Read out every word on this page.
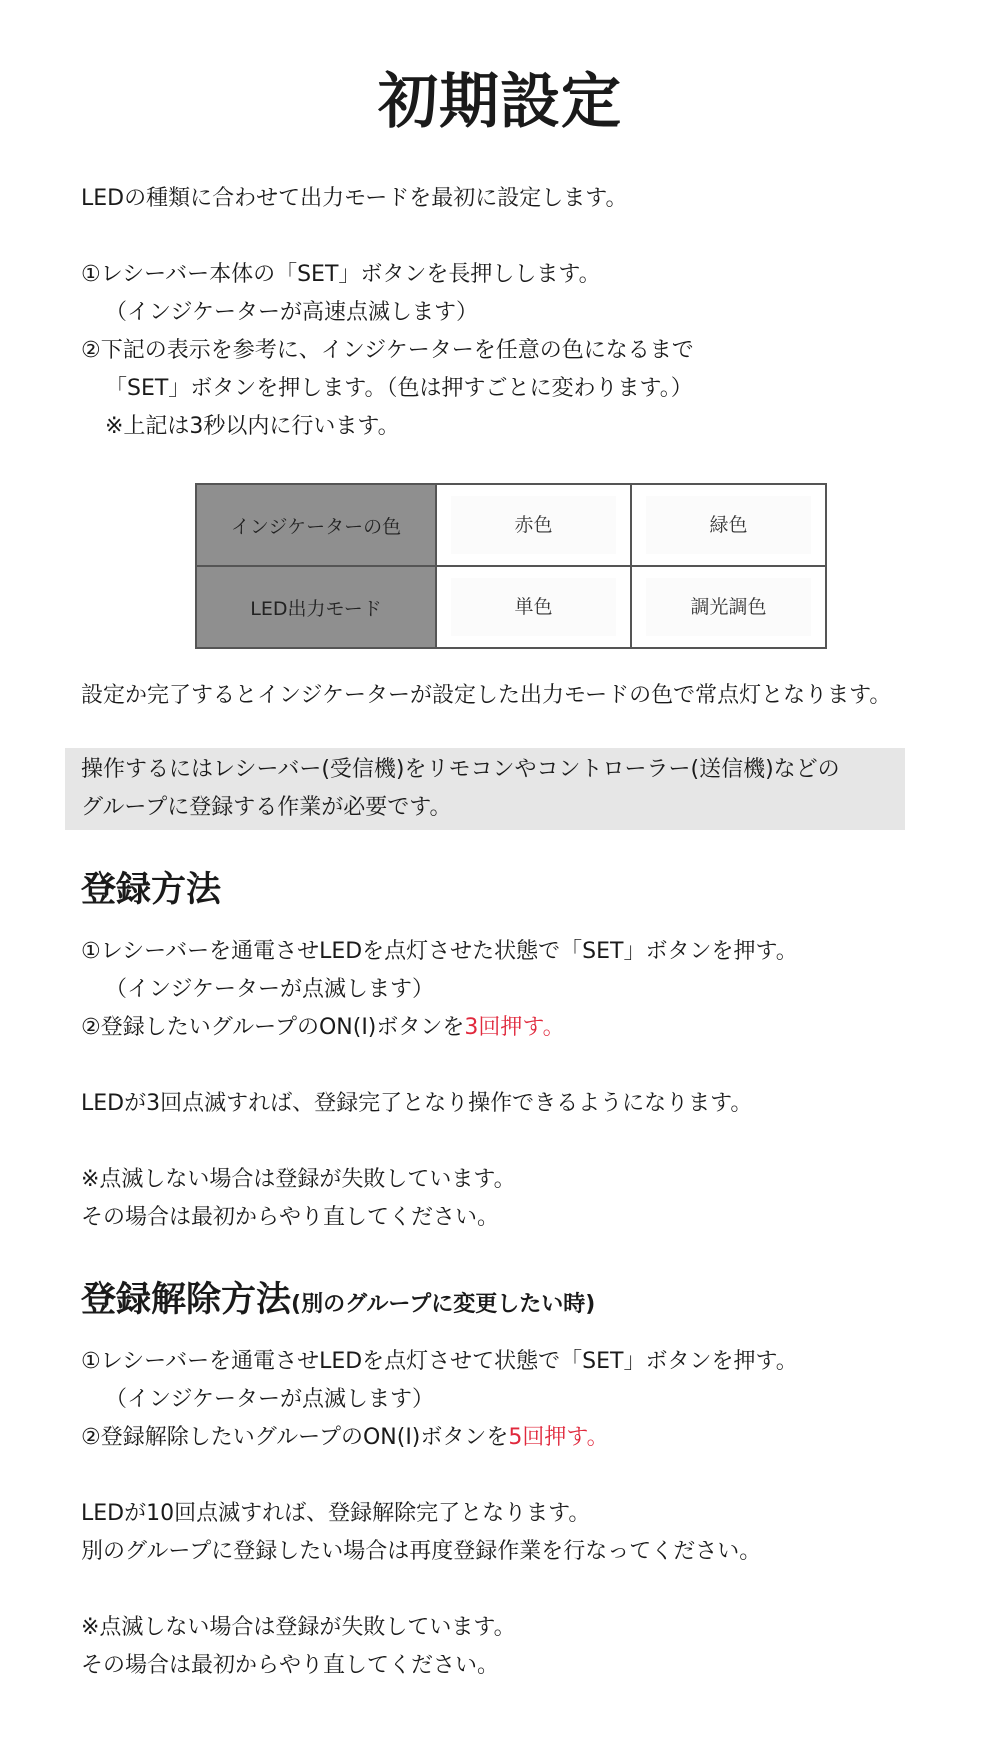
初期設定

LEDの種類に合わせて出力モードを最初に設定します。

①レシーバー本体の「SET」ボタンを長押しします。

（インジケーターが高速点滅します）

②下記の表示を参考に、インジケーターを任意の色になるまで

「SET」ボタンを押します。（色は押すごとに変わります。）

※上記は3秒以内に行います。

インジケーターの色	赤色	緑色

LED出力モード	単色	調光調色

設定か完了するとインジケーターが設定した出力モードの色で常点灯となります。

操作するにはレシーバー(受信機)をリモコンやコントローラー(送信機)などの

グループに登録する作業が必要です。

登録方法

①レシーバーを通電させLEDを点灯させた状態で「SET」ボタンを押す。

（インジケーターが点滅します）

②登録したいグループのON(I)ボタンを3回押す。

LEDが3回点滅すれば、登録完了となり操作できるようになります。

※点滅しない場合は登録が失敗しています。

その場合は最初からやり直してください。

登録解除方法(別のグループに変更したい時)

①レシーバーを通電させLEDを点灯させて状態で「SET」ボタンを押す。

（インジケーターが点滅します）

②登録解除したいグループのON(I)ボタンを5回押す。

LEDが10回点滅すれば、登録解除完了となります。

別のグループに登録したい場合は再度登録作業を行なってください。

※点滅しない場合は登録が失敗しています。

その場合は最初からやり直してください。
